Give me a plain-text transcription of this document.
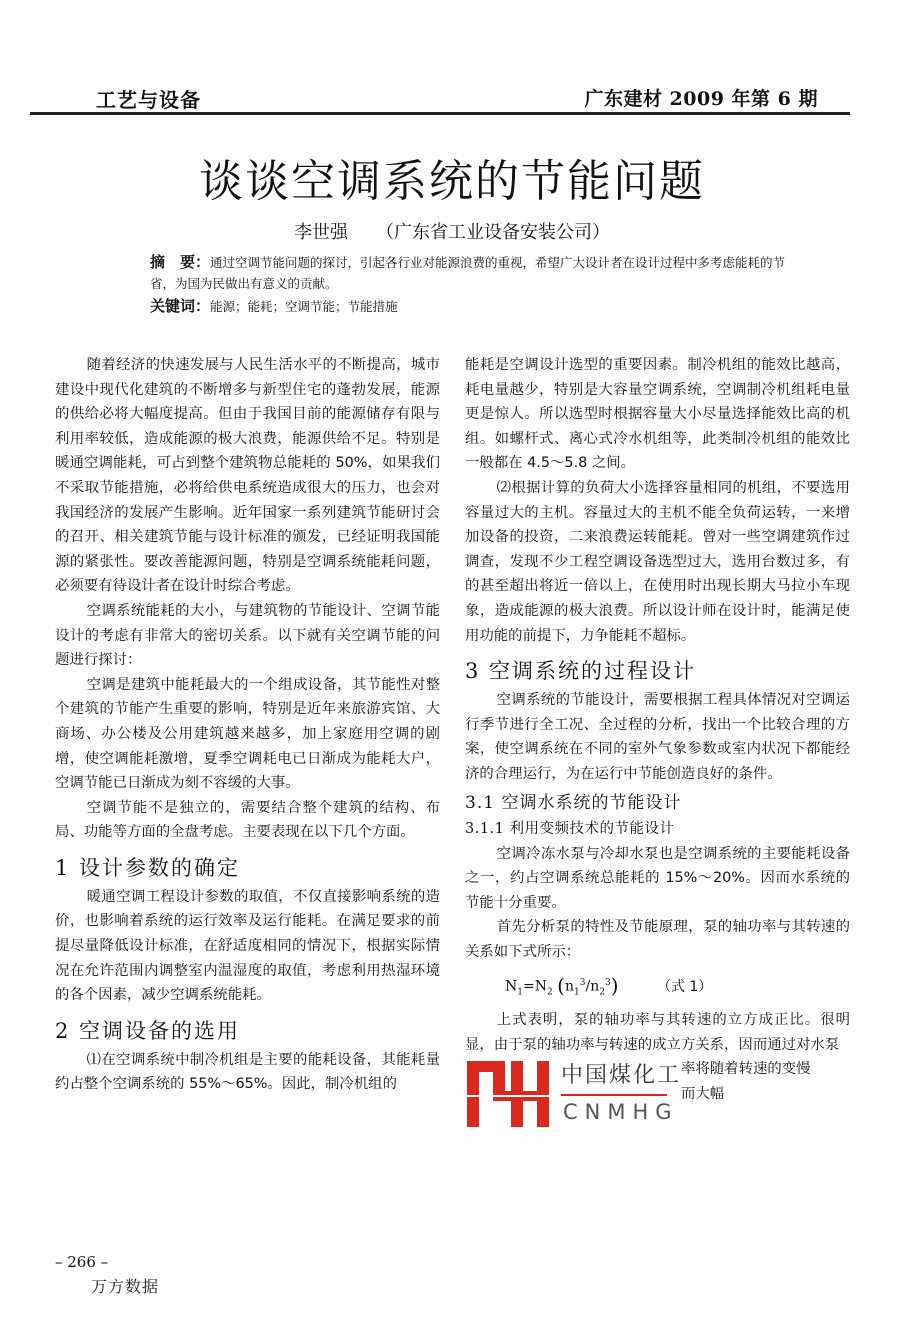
工艺与设备	广东建材 2009 年第 6 期
谈谈空调系统的节能问题
李世强 （广东省工业设备安装公司）
摘　要：通过空调节能问题的探讨，引起各行业对能源浪费的重视，希望广大设计者在设计过程中多考虑能耗的节省，为国为民做出有意义的贡献。
关键词：能源；能耗；空调节能；节能措施

随着经济的快速发展与人民生活水平的不断提高，城市建设中现代化建筑的不断增多与新型住宅的蓬勃发展，能源的供给必将大幅度提高。但由于我国目前的能源储存有限与利用率较低，造成能源的极大浪费，能源供给不足。特别是暖通空调能耗，可占到整个建筑物总能耗的 50%，如果我们不采取节能措施，必将给供电系统造成很大的压力，也会对我国经济的发展产生影响。近年国家一系列建筑节能研讨会的召开、相关建筑节能与设计标准的颁发，已经证明我国能源的紧张性。要改善能源问题，特别是空调系统能耗问题，必须要有待设计者在设计时综合考虑。

空调系统能耗的大小，与建筑物的节能设计、空调节能设计的考虑有非常大的密切关系。以下就有关空调节能的问题进行探讨：

空调是建筑中能耗最大的一个组成设备，其节能性对整个建筑的节能产生重要的影响，特别是近年来旅游宾馆、大商场、办公楼及公用建筑越来越多，加上家庭用空调的剧增，使空调能耗激增，夏季空调耗电已日渐成为能耗大户，空调节能已日渐成为刻不容缓的大事。

空调节能不是独立的，需要结合整个建筑的结构、布局、功能等方面的全盘考虑。主要表现在以下几个方面。

1 设计参数的确定

暖通空调工程设计参数的取值，不仅直接影响系统的造价，也影响着系统的运行效率及运行能耗。在满足要求的前提尽量降低设计标准，在舒适度相同的情况下，根据实际情况在允许范围内调整室内温湿度的取值，考虑利用热湿环境的各个因素，减少空调系统能耗。

2 空调设备的选用

⑴在空调系统中制冷机组是主要的能耗设备，其能耗量约占整个空调系统的 55%～65%。因此，制冷机组的

能耗是空调设计选型的重要因素。制冷机组的能效比越高，耗电量越少，特别是大容量空调系统，空调制冷机组耗电量更是惊人。所以选型时根据容量大小尽量选择能效比高的机组。如螺杆式、离心式冷水机组等，此类制冷机组的能效比一般都在 4.5～5.8 之间。

⑵根据计算的负荷大小选择容量相同的机组，不要选用容量过大的主机。容量过大的主机不能全负荷运转，一来增加设备的投资，二来浪费运转能耗。曾对一些空调建筑作过调查，发现不少工程空调设备选型过大，选用台数过多，有的甚至超出将近一倍以上，在使用时出现长期大马拉小车现象，造成能源的极大浪费。所以设计师在设计时，能满足使用功能的前提下，力争能耗不超标。

3 空调系统的过程设计

空调系统的节能设计，需要根据工程具体情况对空调运行季节进行全工况、全过程的分析，找出一个比较合理的方案，使空调系统在不同的室外气象参数或室内状况下都能经济的合理运行，为在运行中节能创造良好的条件。

3.1 空调水系统的节能设计
3.1.1 利用变频技术的节能设计

空调冷冻水泵与冷却水泵也是空调系统的主要能耗设备之一，约占空调系统总能耗的 15%～20%。因而水系统的节能十分重要。

首先分析泵的特性及节能原理，泵的轴功率与其转速的关系如下式所示：

$N_1=N_2$ $(n_1^3/n_2^3)$	（式 1）

上式表明，泵的轴功率与其转速的立方成正比。很明显，由于泵的轴功率与转速的成立方关系，因而通过对水泵

中国煤化工
CNMHG

率将随着转速的变慢

而大幅

– 266 –
万方数据
